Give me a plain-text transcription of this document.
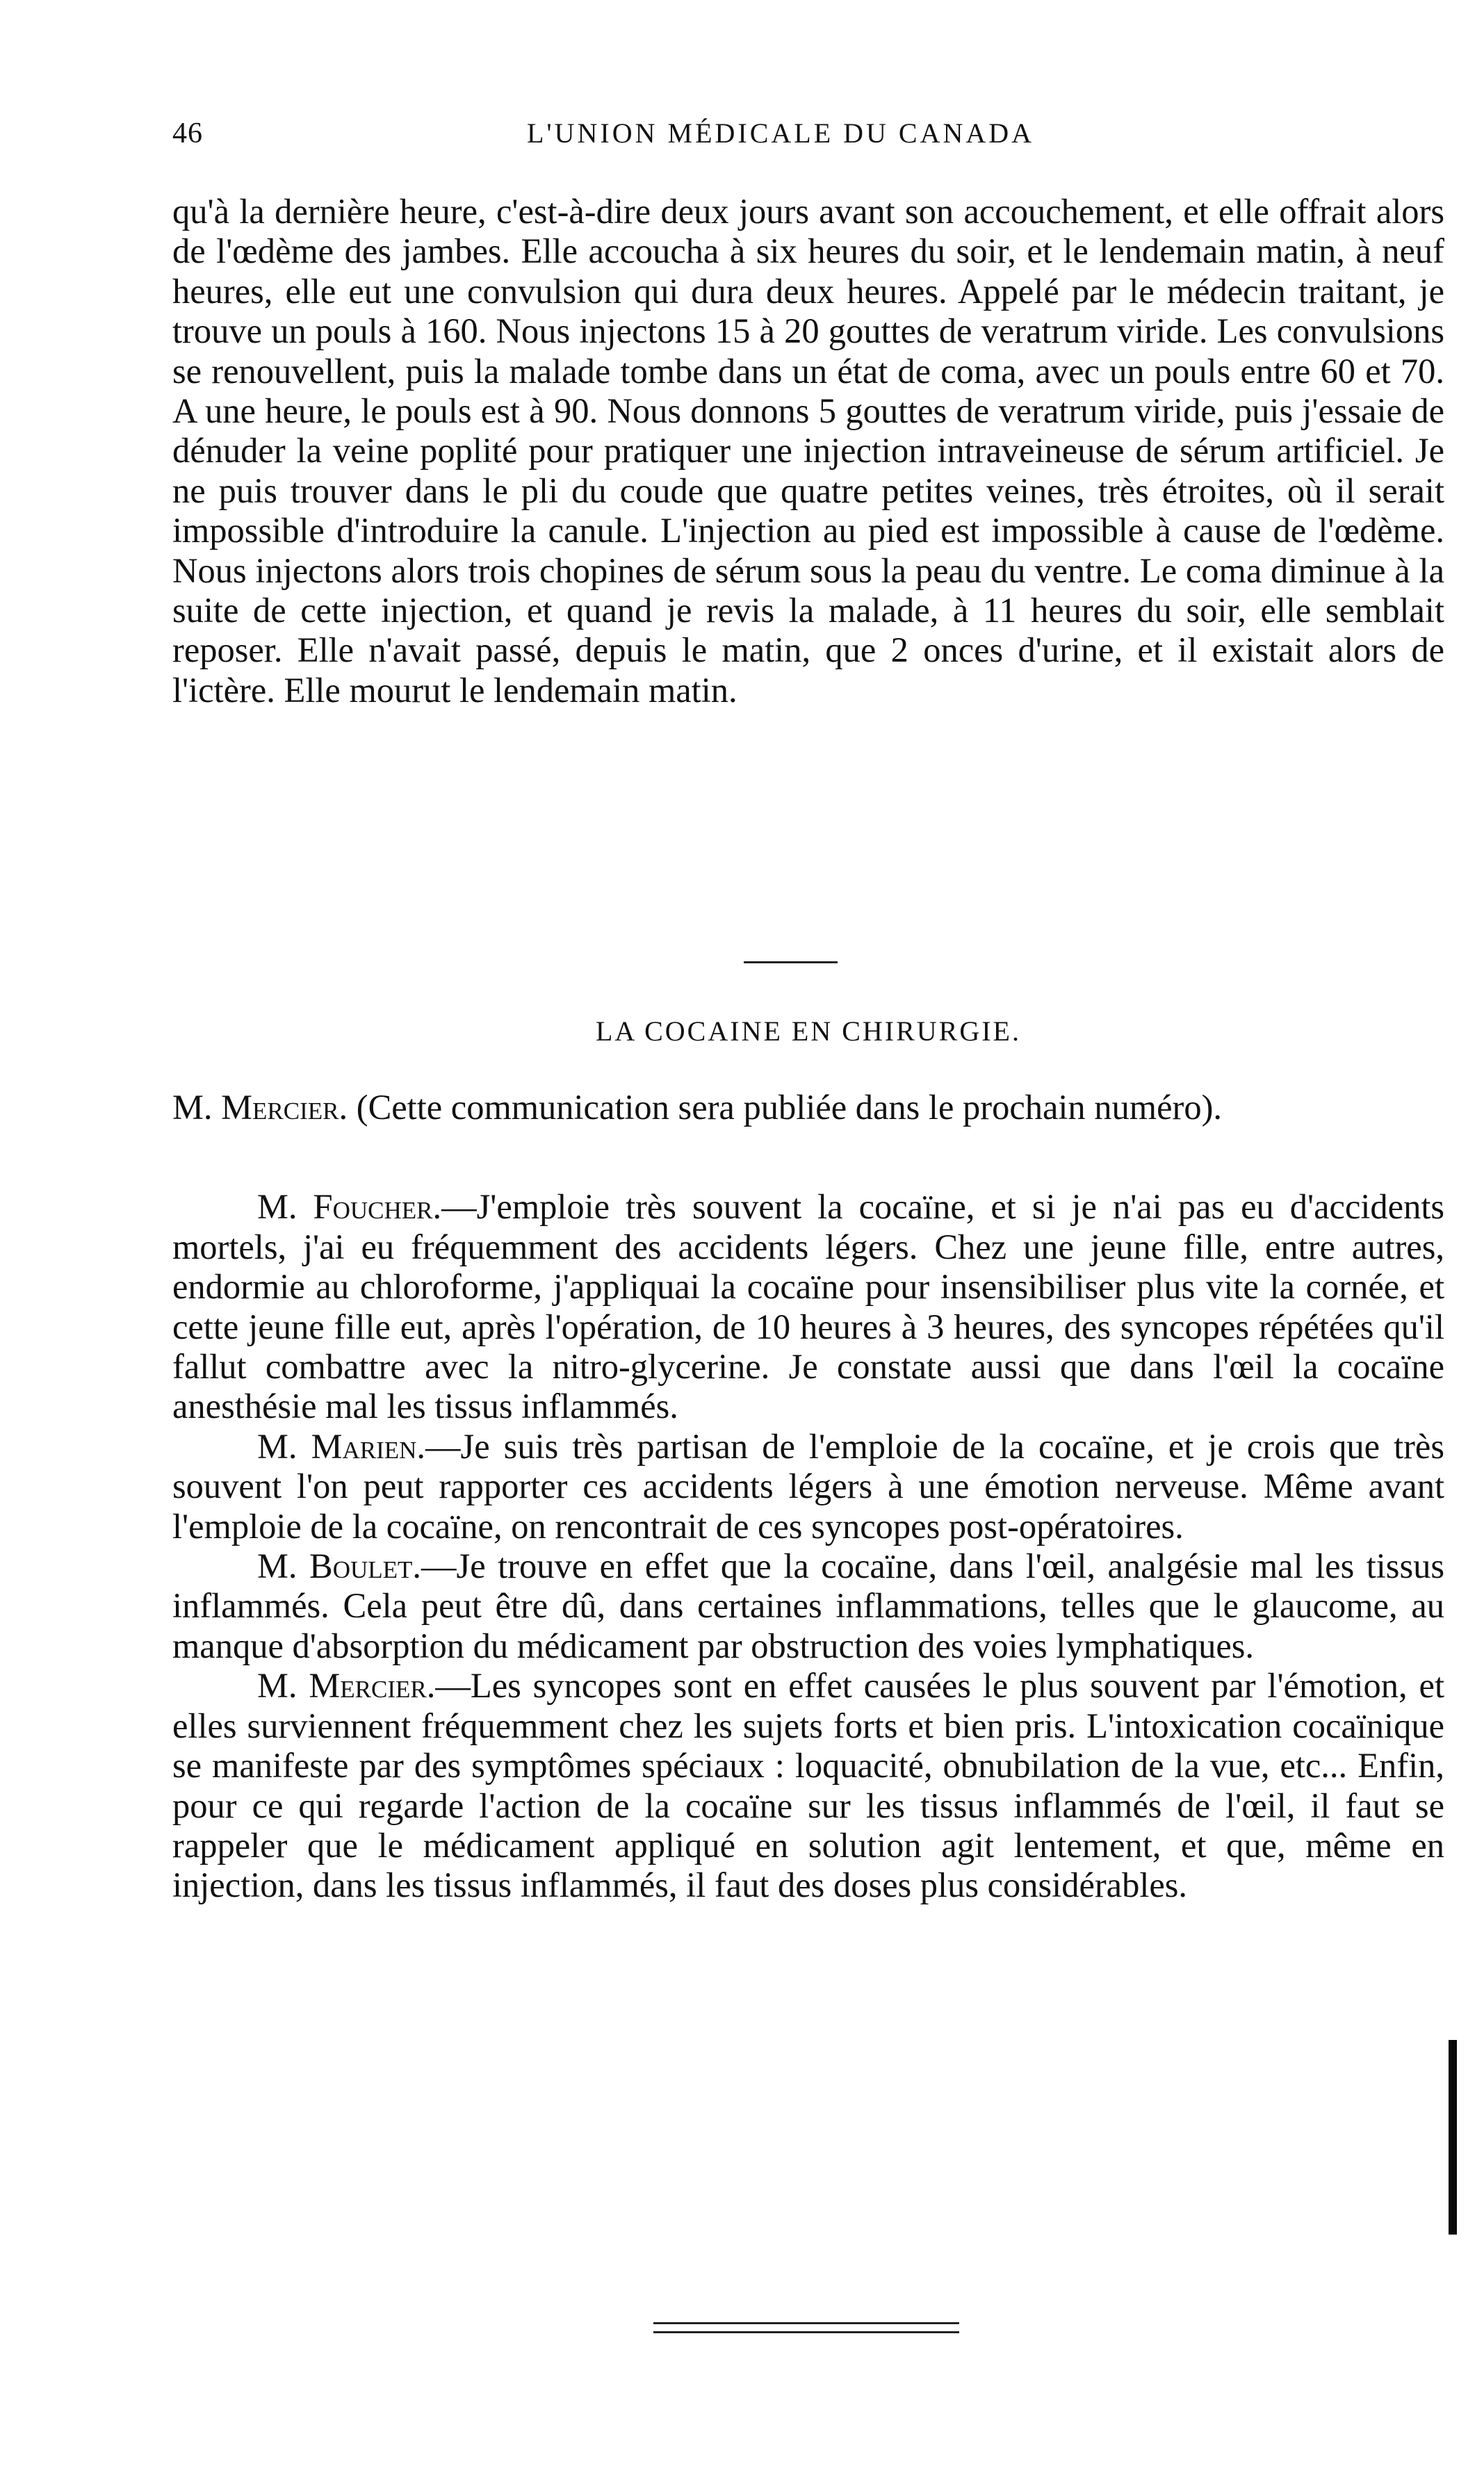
46	L'UNION MÉDICALE DU CANADA

qu'à la dernière heure, c'est-à-dire deux jours avant son accouchement, et elle offrait alors de l'œdème des jambes. Elle accoucha à six heures du soir, et le lendemain matin, à neuf heures, elle eut une convulsion qui dura deux heures. Appelé par le médecin traitant, je trouve un pouls à 160. Nous injectons 15 à 20 gouttes de veratrum viride. Les convulsions se renouvellent, puis la malade tombe dans un état de coma, avec un pouls entre 60 et 70. A une heure, le pouls est à 90. Nous donnons 5 gouttes de veratrum viride, puis j'essaie de dénuder la veine poplité pour pratiquer une injection intraveineuse de sérum artificiel. Je ne puis trouver dans le pli du coude que quatre petites veines, très étroites, où il serait impossible d'introduire la canule. L'injection au pied est impossible à cause de l'œdème. Nous injectons alors trois chopines de sérum sous la peau du ventre. Le coma diminue à la suite de cette injection, et quand je revis la malade, à 11 heures du soir, elle semblait reposer. Elle n'avait passé, depuis le matin, que 2 onces d'urine, et il existait alors de l'ictère. Elle mourut le lendemain matin.

LA COCAINE EN CHIRURGIE.

M. Mercier. (Cette communication sera publiée dans le prochain numéro).

M. Foucher.—J'emploie très souvent la cocaïne, et si je n'ai pas eu d'accidents mortels, j'ai eu fréquemment des accidents légers. Chez une jeune fille, entre autres, endormie au chloroforme, j'appliquai la cocaïne pour insensibiliser plus vite la cornée, et cette jeune fille eut, après l'opération, de 10 heures à 3 heures, des syncopes répétées qu'il fallut combattre avec la nitro-glycerine. Je constate aussi que dans l'œil la cocaïne anesthésie mal les tissus inflammés.

M. Marien.—Je suis très partisan de l'emploie de la cocaïne, et je crois que très souvent l'on peut rapporter ces accidents légers à une émotion nerveuse. Même avant l'emploie de la cocaïne, on rencontrait de ces syncopes post-opératoires.

M. Boulet.—Je trouve en effet que la cocaïne, dans l'œil, analgésie mal les tissus inflammés. Cela peut être dû, dans certaines inflammations, telles que le glaucome, au manque d'absorption du médicament par obstruction des voies lymphatiques.

M. Mercier.—Les syncopes sont en effet causées le plus souvent par l'émotion, et elles surviennent fréquemment chez les sujets forts et bien pris. L'intoxication cocaïnique se manifeste par des symptômes spéciaux : loquacité, obnubilation de la vue, etc... Enfin, pour ce qui regarde l'action de la cocaïne sur les tissus inflammés de l'œil, il faut se rappeler que le médicament appliqué en solution agit lentement, et que, même en injection, dans les tissus inflammés, il faut des doses plus considérables.
